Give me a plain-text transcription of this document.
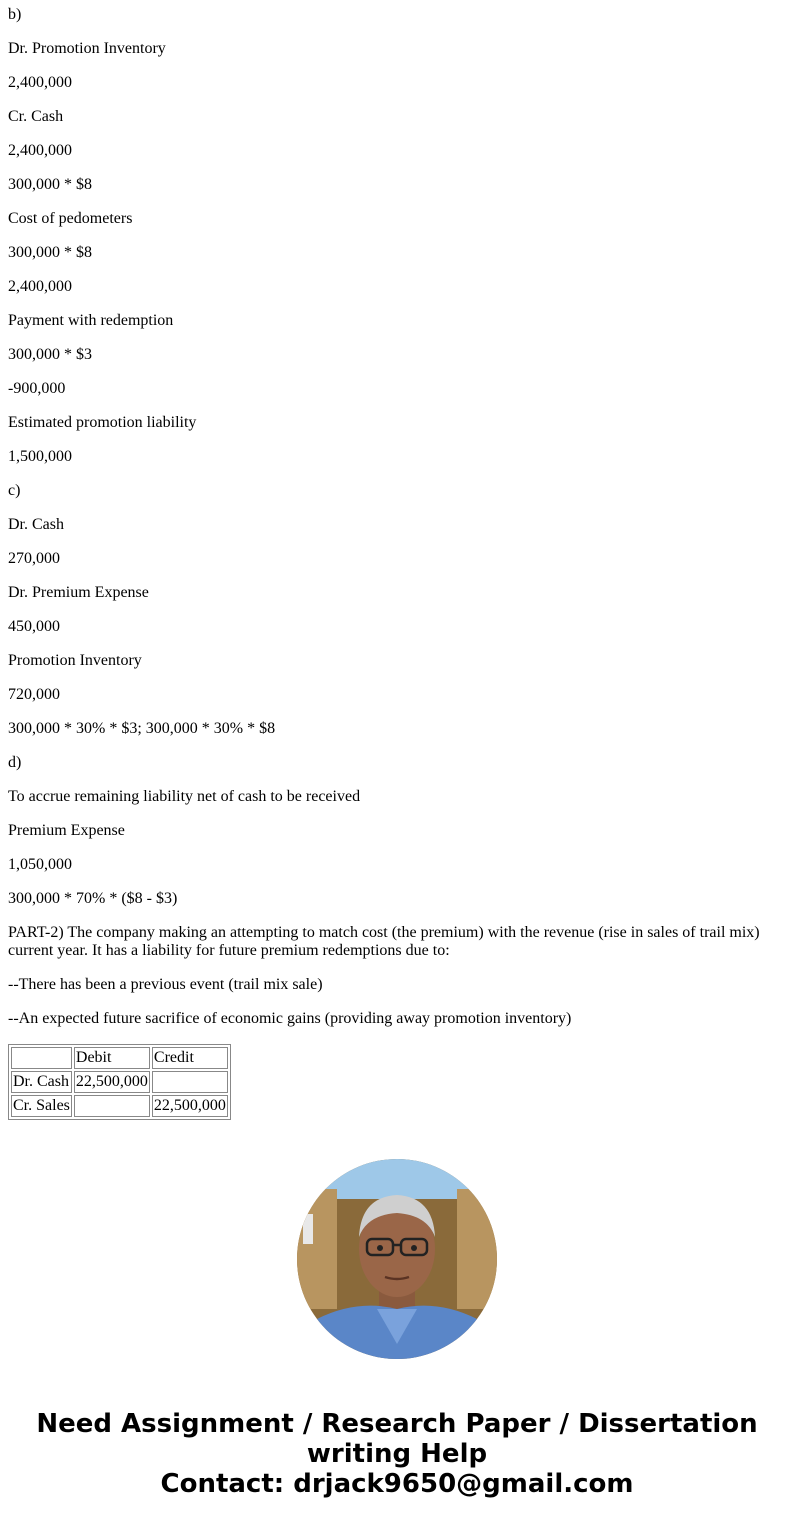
b)

Dr. Promotion Inventory

2,400,000

Cr. Cash

2,400,000

300,000 * $8

Cost of pedometers

300,000 * $8

2,400,000

Payment with redemption

300,000 * $3

-900,000

Estimated promotion liability

1,500,000

c)

Dr. Cash

270,000

Dr. Premium Expense

450,000

Promotion Inventory

720,000

300,000 * 30% * $3; 300,000 * 30% * $8

d)

To accrue remaining liability net of cash to be received

Premium Expense

1,050,000

300,000 * 70% * ($8 - $3)

PART-2) The company making an attempting to match cost (the premium) with the revenue (rise in sales of trail mix) current year. It has a liability for future premium redemptions due to:

--There has been a previous event (trail mix sale)

--An expected future sacrifice of economic gains (providing away promotion inventory)

	Debit	Credit
Dr. Cash	22,500,000	
Cr. Sales		22,500,000
Need Assignment / Research Paper / Dissertation
writing Help
Contact: drjack9650@gmail.com
